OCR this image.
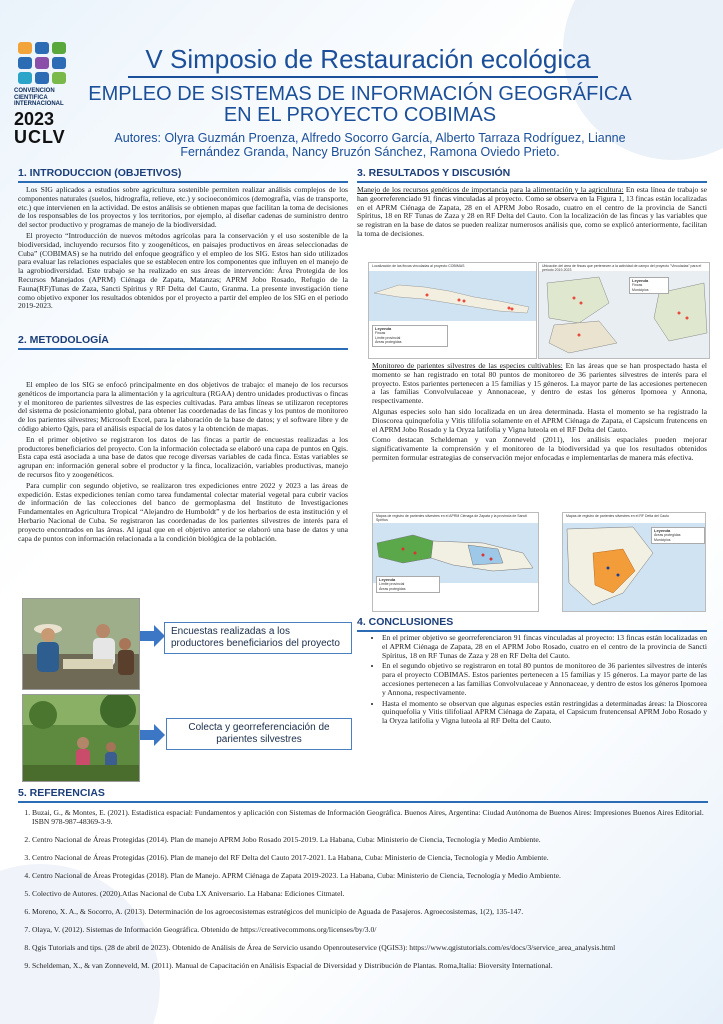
CONVENCION
CIENTIFICA
INTERNACIONAL
2023
UCLV
V Simposio de Restauración ecológica
EMPLEO DE SISTEMAS DE INFORMACIÓN GEOGRÁFICA
EN EL PROYECTO COBIMAS
Autores: Olyra Guzmán Proenza, Alfredo Socorro García, Alberto Tarraza Rodríguez, Lianne
Fernández Granda, Nancy Bruzón Sánchez, Ramona Oviedo Prieto.
1. INTRODUCCION (OBJETIVOS)

Los SIG aplicados a estudios sobre agricultura sostenible permiten realizar análisis complejos de los componentes naturales (suelos, hidrografía, relieve, etc.) y socioeconómicos (demografía, vías de transporte, etc.) que intervienen en la actividad. De estos análisis se obtienen mapas que facilitan la toma de decisiones de los responsables de los proyectos y los territorios, por ejemplo, al diseñar cadenas de suministro dentro del sector productivo y programas de manejo de la biodiversidad.

El proyecto “Introducción de nuevos métodos agrícolas para la conservación y el uso sostenible de la biodiversidad, incluyendo recursos fito y zoogenéticos, en paisajes productivos en áreas seleccionadas de Cuba” (COBIMAS) se ha nutrido del enfoque geográfico y el empleo de los SIG. Estos han sido utilizados para evaluar las relaciones espaciales que se establecen entre los componentes que influyen en el manejo de la agrobiodiversidad. Este trabajo se ha realizado en sus áreas de intervención: Área Protegida de los Recursos Manejados (APRM) Ciénaga de Zapata, Matanzas; APRM Jobo Rosado, Refugio de la Fauna(RF)Tunas de Zaza, Sancti Spíritus y RF Delta del Cauto, Granma. La presente investigación tiene como objetivo exponer los resultados obtenidos por el proyecto a partir del empleo de los SIG en el periodo 2019-2023.

2. METODOLOGÍA

El empleo de los SIG se enfocó principalmente en dos objetivos de trabajo: el manejo de los recursos genéticos de importancia para la alimentación y la agricultura (RGAA) dentro unidades productivas o fincas y el monitoreo de parientes silvestres de las especies cultivadas. Para ambas líneas se utilizaron receptores del sistema de posicionamiento global, para obtener las coordenadas de las fincas y los puntos de monitoreo de los parientes silvestres; Microsoft Excel, para la elaboración de la base de datos; y el software libre y de código abierto Qgis, para el análisis espacial de los datos y la obtención de mapas.

En el primer objetivo se registraron los datos de las fincas a partir de encuestas realizadas a los productores beneficiarios del proyecto. Con la información colectada se elaboró una capa de puntos en Qgis. Esta capa está asociada a una base de datos que recoge diversas variables de cada finca. Estas variables se agrupan en: información general sobre el productor y la finca, localización, variables productivas, manejo de recursos fito y zoogenéticos.

Para cumplir con segundo objetivo, se realizaron tres expediciones entre 2022 y 2023 a las áreas de expedición. Estas expediciones tenían como tarea fundamental colectar material vegetal para cubrir vacíos de información de las colecciones del banco de germoplasma del Instituto de Investigaciones Fundamentales en Agricultura Tropical “Alejandro de Humboldt” y de los herbarios de esta institución y el Herbario Nacional de Cuba. Se registraron las coordenadas de los parientes silvestres de interés para el proyecto encontrados en las áreas. Al igual que en el objetivo anterior se elaboró una base de datos y una capa de puntos con información relacionada a la condición biológica de la población.

Encuestas realizadas a los productores beneficiarios del proyecto
Colecta y georreferenciación de parientes silvestres
3. RESULTADOS Y DISCUSIÓN

Manejo de los recursos genéticos de importancia para la alimentación y la agricultura: En esta línea de trabajo se han georreferenciado 91 fincas vinculadas al proyecto. Como se observa en la Figura 1, 13 fincas están localizadas en el APRM Ciénaga de Zapata, 28 en el APRM Jobo Rosado, cuatro en el centro de la provincia de Sancti Spíritus, 18 en RF Tunas de Zaza y 28 en RF Delta del Cauto. Con la localización de las fincas y las variables que se registran en la base de datos se pueden realizar numerosos análisis que, como se explicó anteriormente, facilitan la toma de decisiones.

Localización de las fincas vinculadas al proyecto COBIMAS
Leyenda
Fincas
Límite provincial
Áreas protegidas
Ubicación del área de fincas que pertenecen a la actividad de campo del proyecto "Vinculadas" para el periodo 2019-2023
Leyenda
Fincas
Municipios

Monitoreo de parientes silvestres de las especies cultivables: En las áreas que se han prospectado hasta el momento se han registrado en total 80 puntos de monitoreo de 36 parientes silvestres de interés para el proyecto. Estos parientes pertenecen a 15 familias y 15 géneros. La mayor parte de las accesiones pertenecen a las familias Convolvulaceae y Annonaceae, y dentro de estas los géneros Ipomoea y Annona, respectivamente.

Algunas especies solo han sido localizada en un área determinada. Hasta el momento se ha registrado la Dioscorea quinquefolia y Vitis tilifolia solamente en el APRM Ciénaga de Zapata, el Capsicum frutencens en el APRM Jobo Rosado y la Oryza latifolia y Vigna luteola en el RF Delta del Cauto.

Como destacan Scheldeman y van Zonneveld (2011), los análisis espaciales pueden mejorar significativamente la comprensión y el monitoreo de la biodiversidad ya que los resultados obtenidos permiten formular estrategias de conservación mejor enfocadas e implementarlas de manera más efectiva.

Mapas de registro de parientes silvestres en el APRM Ciénaga de Zapata y la provincia de Sancti Spíritus
Leyenda
Límite provincial
Áreas protegidas
Mapas de registro de parientes silvestres en el RF Delta del Cauto
Leyenda
Áreas protegidas
Municipios
4. CONCLUSIONES
• En el primer objetivo se georreferenciaron 91 fincas vinculadas al proyecto: 13 fincas están localizadas en el APRM Ciénaga de Zapata, 28 en el APRM Jobo Rosado, cuatro en el centro de la provincia de Sancti Spíritus, 18 en RF Tunas de Zaza y 28 en RF Delta del Cauto.
• En el segundo objetivo se registraron en total 80 puntos de monitoreo de 36 parientes silvestres de interés para el proyecto COBIMAS. Estos parientes pertenecen a 15 familias y 15 géneros. La mayor parte de las accesiones pertenecen a las familias Convolvulaceae y Annonaceae, y dentro de estos los géneros Ipomoea y Annona, respectivamente.
• Hasta el momento se observan que algunas especies están restringidas a determinadas áreas: la Dioscorea quinquefolia y Vitis tilifoliaal APRM Ciénaga de Zapata, el Capsicum frutencensal APRM Jobo Rosado y la Oryza latifolia y Vigna luteola al RF Delta del Cauto.
5. REFERENCIAS
1. Buzai, G., & Montes, E. (2021). Estadística espacial: Fundamentos y aplicación con Sistemas de Información Geográfica. Buenos Aires, Argentina: Ciudad Autónoma de Buenos Aires: Impresiones Buenos Aires Editorial. ISBN 978-987-48369-3-9.
2. Centro Nacional de Áreas Protegidas (2014). Plan de manejo APRM Jobo Rosado 2015-2019. La Habana, Cuba: Ministerio de Ciencia, Tecnología y Medio Ambiente.
3. Centro Nacional de Áreas Protegidas (2016). Plan de manejo del RF Delta del Cauto 2017-2021. La Habana, Cuba: Ministerio de Ciencia, Tecnología y Medio Ambiente.
4. Centro Nacional de Áreas Protegidas (2018). Plan de Manejo. APRM Ciénaga de Zapata 2019-2023. La Habana, Cuba: Ministerio de Ciencia, Tecnología y Medio Ambiente.
5. Colectivo de Autores. (2020).Atlas Nacional de Cuba LX Aniversario. La Habana: Ediciones Citmatel.
6. Moreno, X. A., & Socorro, A. (2013). Determinación de los agroecosistemas estratégicos del municipio de Aguada de Pasajeros. Agroecosistemas, 1(2), 135-147.
7. Olaya, V. (2012). Sistemas de Información Geográfica. Obtenido de https://creativecommons.org/licenses/by/3.0/
8. Qgis Tutorials and tips. (28 de abril de 2023). Obtenido de Análisis de Área de Servicio usando Openrouteservice (QGIS3): https://www.qgistutorials.com/es/docs/3/service_area_analysis.html
9. Scheldeman, X., & van Zonneveld, M. (2011). Manual de Capacitación en Análisis Espacial de Diversidad y Distribución de Plantas. Roma,Italia: Bioversity International.
